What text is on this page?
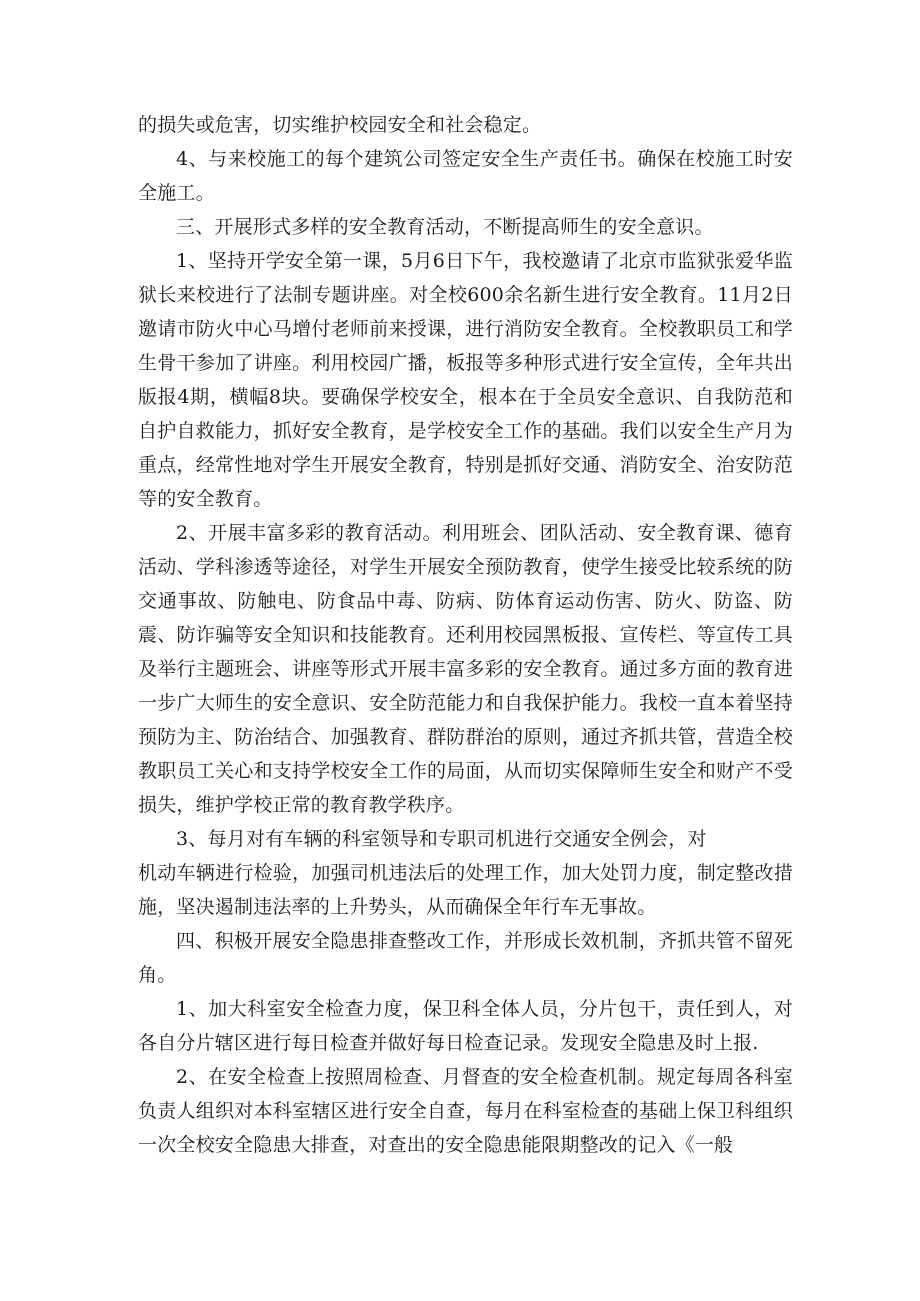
的损失或危害，切实维护校园安全和社会稳定。

4、与来校施工的每个建筑公司签定安全生产责任书。确保在校施工时安全施工。

三、开展形式多样的安全教育活动，不断提高师生的安全意识。

1、坚持开学安全第一课，5月6日下午，我校邀请了北京市监狱张爱华监狱长来校进行了法制专题讲座。对全校600余名新生进行安全教育。11月2日邀请市防火中心马增付老师前来授课，进行消防安全教育。全校教职员工和学生骨干参加了讲座。利用校园广播，板报等多种形式进行安全宣传，全年共出版报4期，横幅8块。要确保学校安全，根本在于全员安全意识、自我防范和自护自救能力，抓好安全教育，是学校安全工作的基础。我们以安全生产月为重点，经常性地对学生开展安全教育，特别是抓好交通、消防安全、治安防范等的安全教育。

2、开展丰富多彩的教育活动。利用班会、团队活动、安全教育课、德育活动、学科渗透等途径，对学生开展安全预防教育，使学生接受比较系统的防交通事故、防触电、防食品中毒、防病、防体育运动伤害、防火、防盗、防震、防诈骗等安全知识和技能教育。还利用校园黑板报、宣传栏、等宣传工具及举行主题班会、讲座等形式开展丰富多彩的安全教育。通过多方面的教育进一步广大师生的安全意识、安全防范能力和自我保护能力。我校一直本着坚持预防为主、防治结合、加强教育、群防群治的原则，通过齐抓共管，营造全校教职员工关心和支持学校安全工作的局面，从而切实保障师生安全和财产不受损失，维护学校正常的教育教学秩序。

3、每月对有车辆的科室领导和专职司机进行交通安全例会，对

机动车辆进行检验，加强司机违法后的处理工作，加大处罚力度，制定整改措施，坚决遏制违法率的上升势头，从而确保全年行车无事故。

四、积极开展安全隐患排查整改工作，并形成长效机制，齐抓共管不留死角。

1、加大科室安全检查力度，保卫科全体人员，分片包干，责任到人，对各自分片辖区进行每日检查并做好每日检查记录。发现安全隐患及时上报.

2、在安全检查上按照周检查、月督查的安全检查机制。规定每周各科室负责人组织对本科室辖区进行安全自查，每月在科室检查的基础上保卫科组织一次全校安全隐患大排查，对查出的安全隐患能限期整改的记入《一般
